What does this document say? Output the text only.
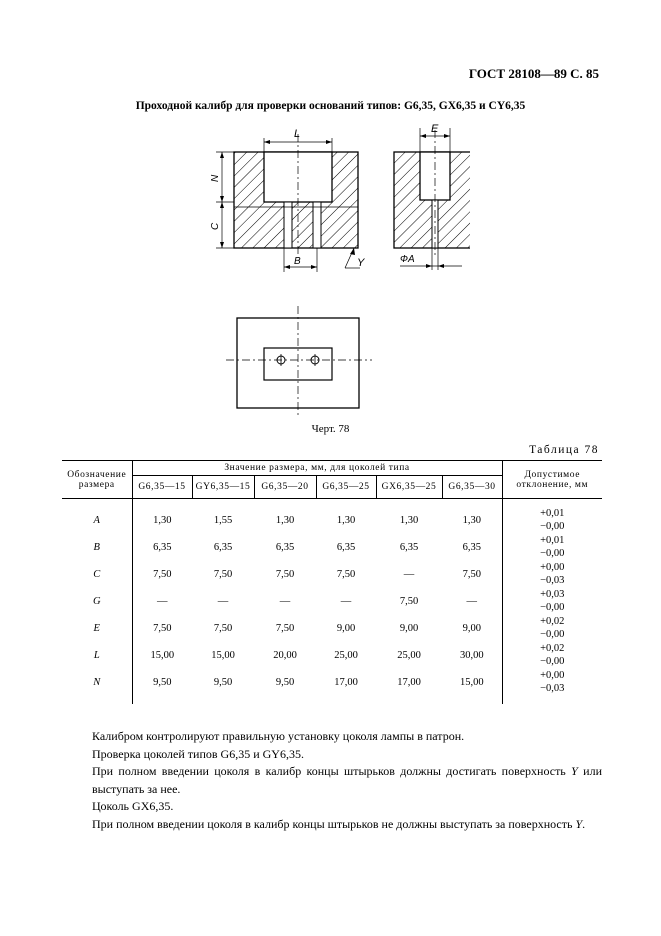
ГОСТ 28108—89 С. 85
Проходной калибр для проверки оснований типов: G6,35, GX6,35 и CY6,35
L
N
C
B	Y
E
ФA
Черт. 78
Таблица 78
Обозначение размера	Значение размера, мм, для цоколей типа						Допустимое отклонение, мм
	G6,35—15	GY6,35—15	G6,35—20	G6,35—25	GX6,35—25	G6,35—30	

A	1,30	1,55	1,30	1,30	1,30	1,30	+0,01
−0,00

B	6,35	6,35	6,35	6,35	6,35	6,35	+0,01
−0,00

C	7,50	7,50	7,50	7,50	—	7,50	+0,00
−0,03

G	—	—	—	—	7,50	—	+0,03
−0,00

E	7,50	7,50	7,50	9,00	9,00	9,00	+0,02
−0,00

L	15,00	15,00	20,00	25,00	25,00	30,00	+0,02
−0,00

N	9,50	9,50	9,50	17,00	17,00	15,00	+0,00
−0,03

Калибром контролируют правильную установку цоколя лампы в патрон.

Проверка цоколей типов G6,35 и GY6,35.

При полном введении цоколя в калибр концы штырьков должны достигать поверхность Y или выступать за нее.

Цоколь GX6,35.

При полном введении цоколя в калибр концы штырьков не должны выступать за поверхность Y.
